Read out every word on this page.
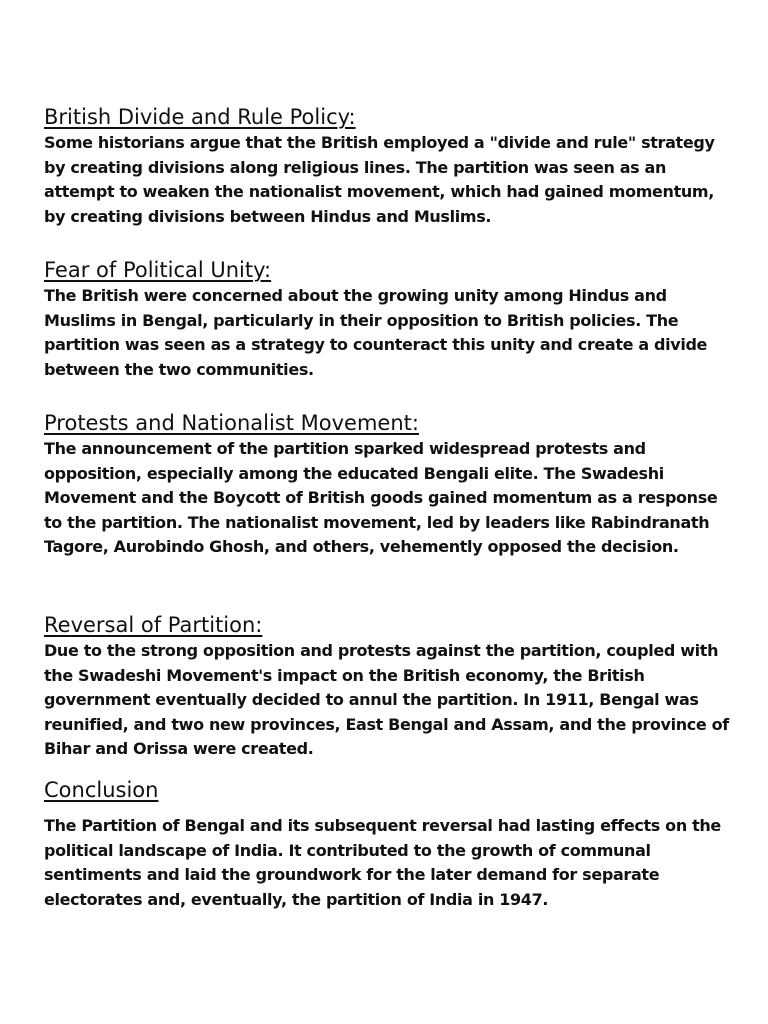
British Divide and Rule Policy:

Some historians argue that the British employed a "divide and rule" strategy by creating divisions along religious lines. The partition was seen as an attempt to weaken the nationalist movement, which had gained momentum, by creating divisions between Hindus and Muslims.

Fear of Political Unity:

The British were concerned about the growing unity among Hindus and Muslims in Bengal, particularly in their opposition to British policies. The partition was seen as a strategy to counteract this unity and create a divide between the two communities.

Protests and Nationalist Movement:

The announcement of the partition sparked widespread protests and opposition, especially among the educated Bengali elite. The Swadeshi Movement and the Boycott of British goods gained momentum as a response to the partition. The nationalist movement, led by leaders like Rabindranath Tagore, Aurobindo Ghosh, and others, vehemently opposed the decision.

Reversal of Partition:

Due to the strong opposition and protests against the partition, coupled with the Swadeshi Movement's impact on the British economy, the British government eventually decided to annul the partition. In 1911, Bengal was reunified, and two new provinces, East Bengal and Assam, and the province of Bihar and Orissa were created.

Conclusion

The Partition of Bengal and its subsequent reversal had lasting effects on the political landscape of India. It contributed to the growth of communal sentiments and laid the groundwork for the later demand for separate electorates and, eventually, the partition of India in 1947.
